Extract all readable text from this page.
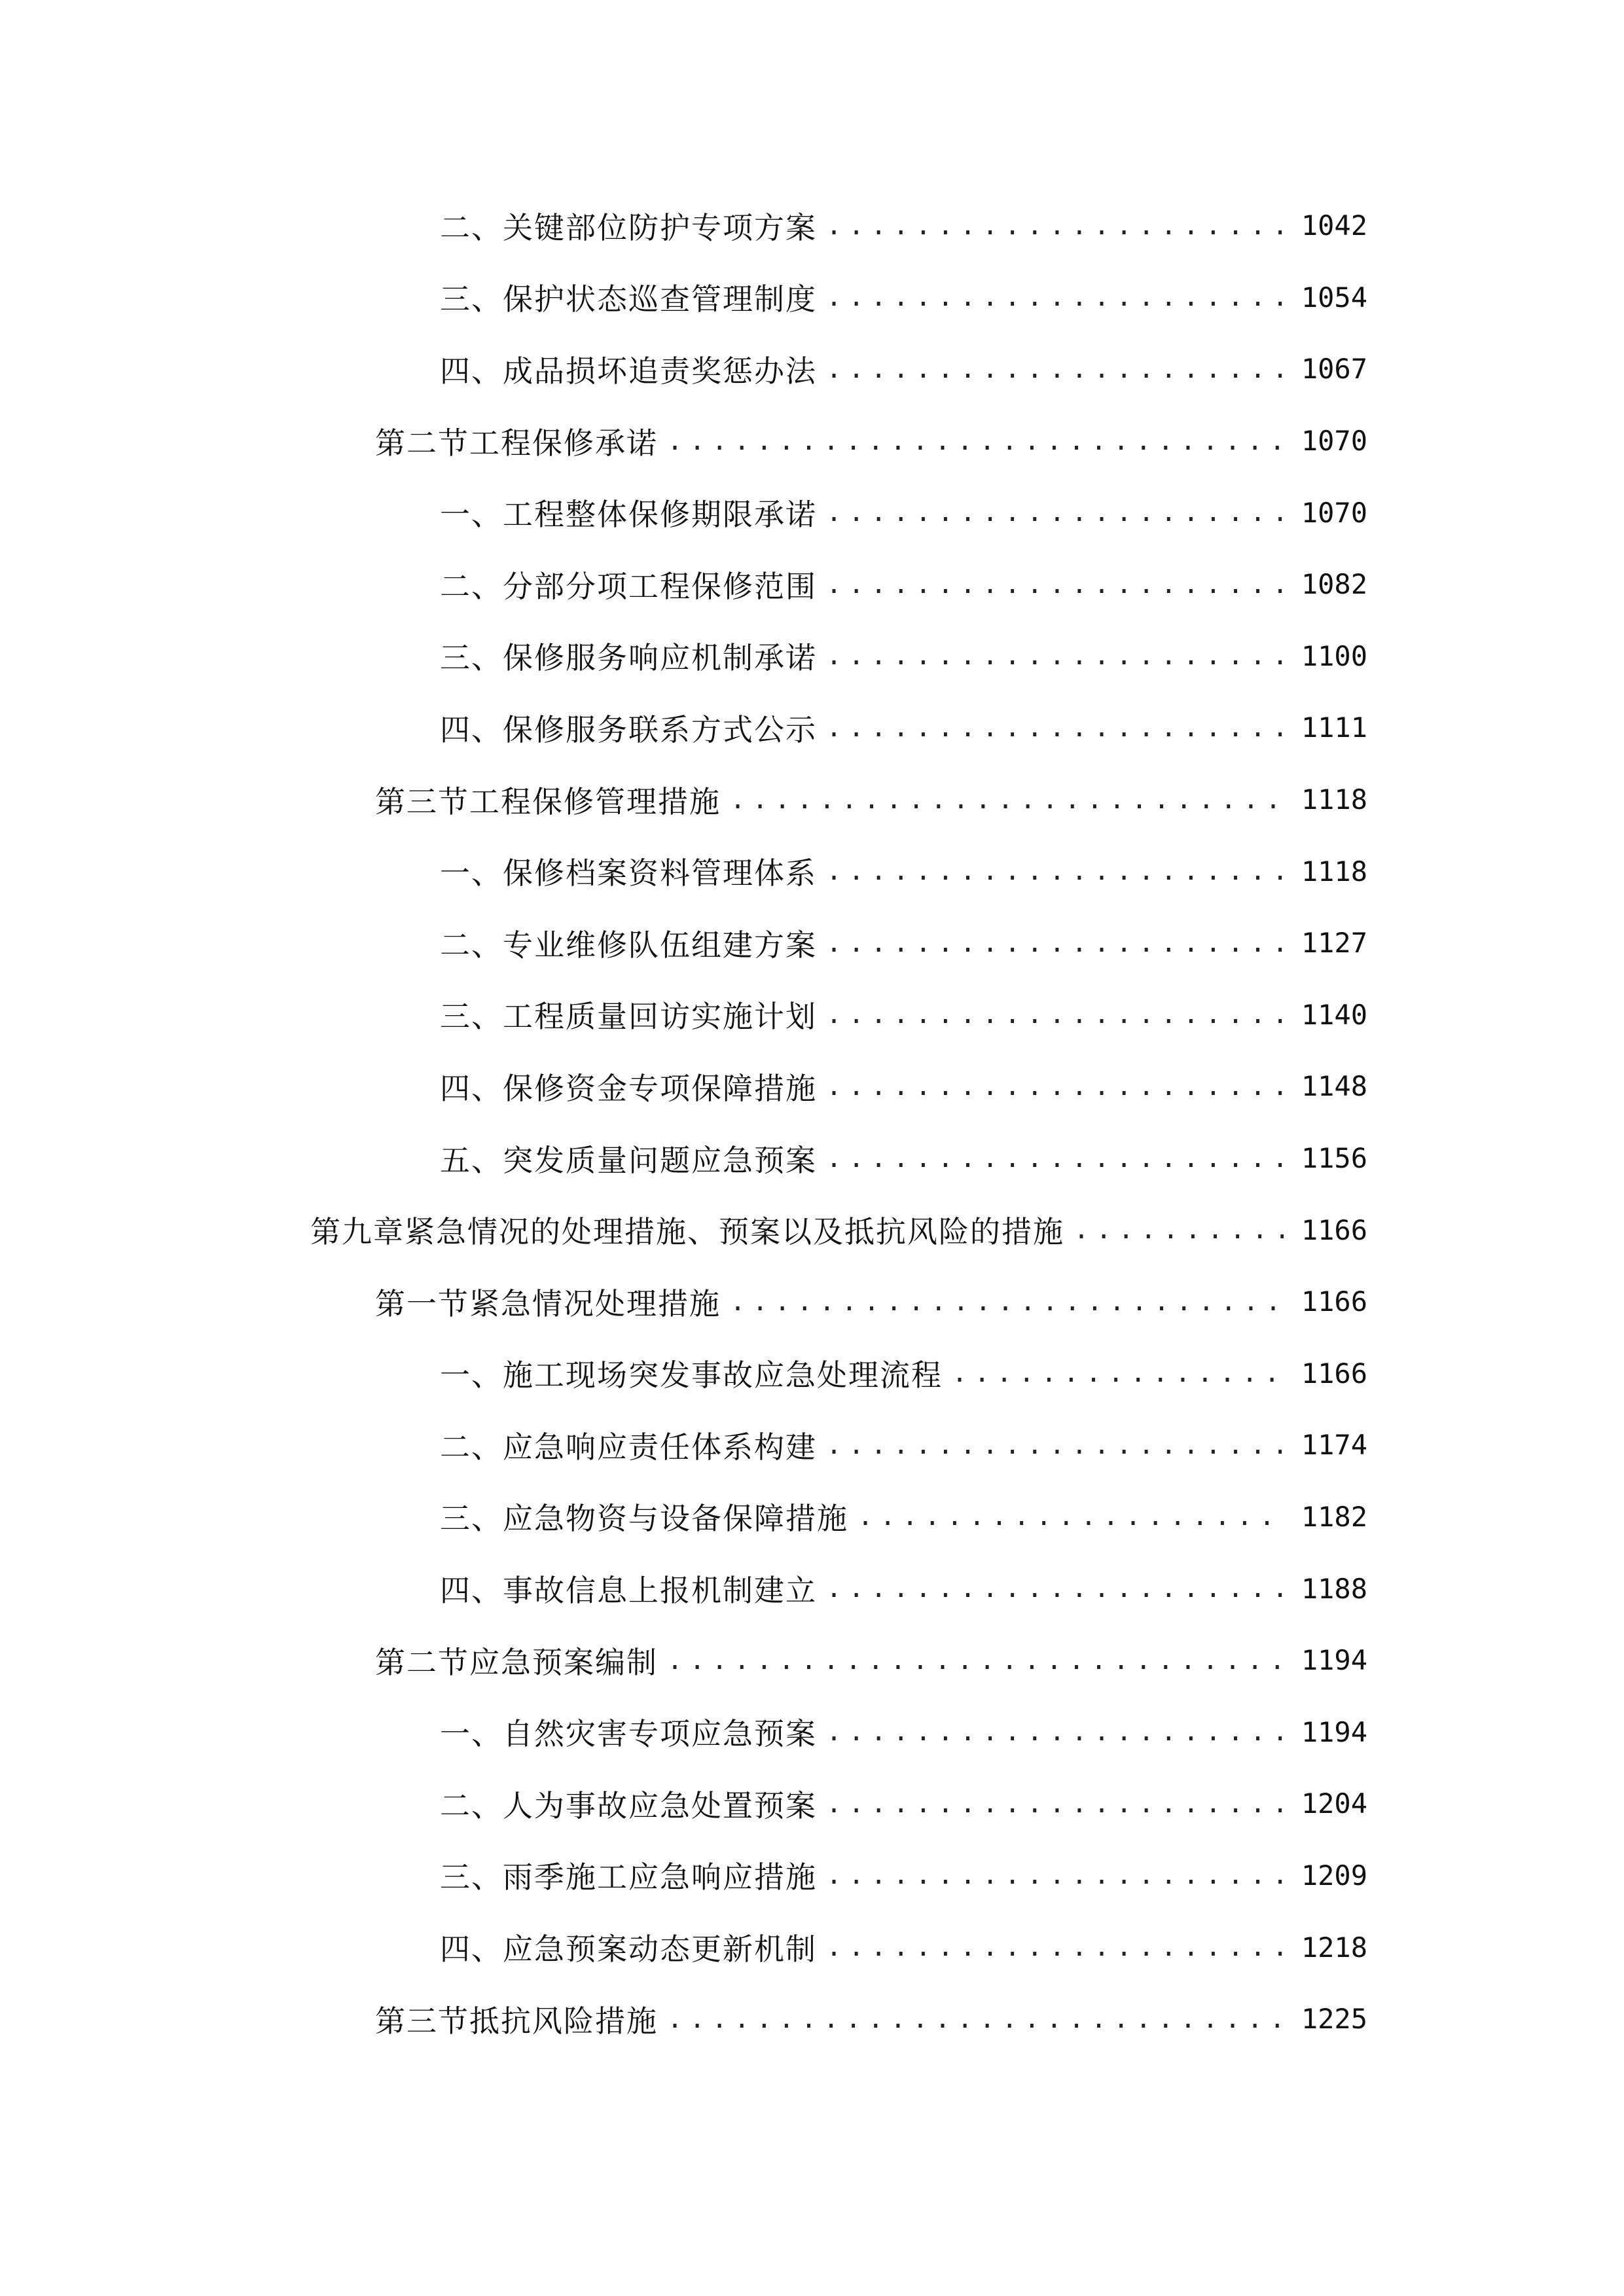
二、 关键部位防护专项方案 .....	1042
三、 保护状态巡查管理制度 .....	1054
四、 成品损坏追责奖惩办法 .....	1067
第二节 工程保修承诺 .....	1070
一、 工程整体保修期限承诺 .....	1070
二、 分部分项工程保修范围 .....	1082
三、 保修服务响应机制承诺 .....	1100
四、 保修服务联系方式公示 .....	1111
第三节 工程保修管理措施 .....	1118
一、 保修档案资料管理体系 .....	1118
二、 专业维修队伍组建方案 .....	1127
三、 工程质量回访实施计划 .....	1140
四、 保修资金专项保障措施 .....	1148
五、 突发质量问题应急预案 .....	1156
第九章 紧急情况的处理措施、预案以及抵抗风险的措施 .....	1166
第一节 紧急情况处理措施 .....	1166
一、 施工现场突发事故应急处理流程 .....	1166
二、 应急响应责任体系构建 .....	1174
三、 应急物资与设备保障措施 .....	1182
四、 事故信息上报机制建立 .....	1188
第二节 应急预案编制 .....	1194
一、 自然灾害专项应急预案 .....	1194
二、 人为事故应急处置预案 .....	1204
三、 雨季施工应急响应措施 .....	1209
四、 应急预案动态更新机制 .....	1218
第三节 抵抗风险措施 .....	1225
